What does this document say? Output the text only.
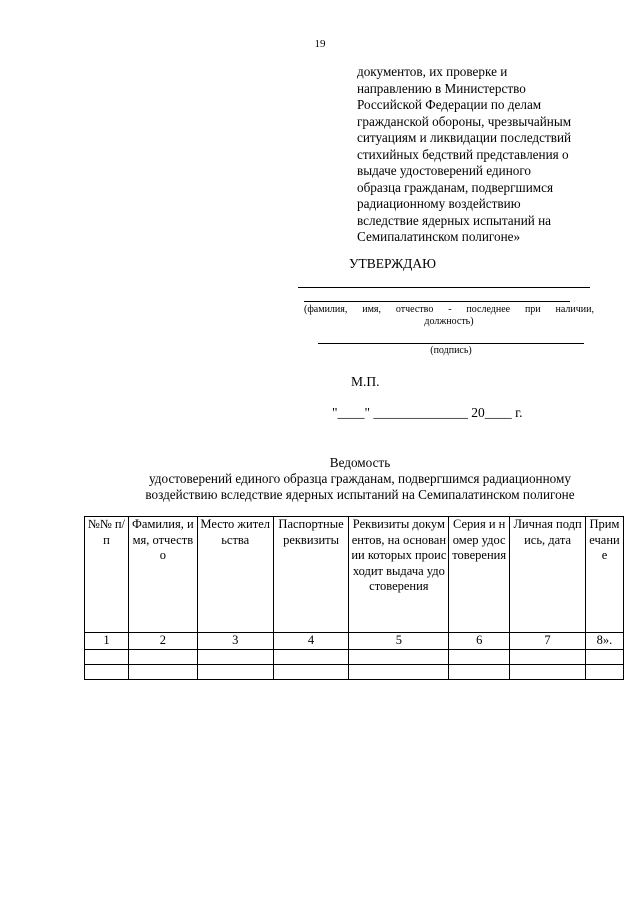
19
документов, их проверке и
направлению в Министерство
Российской Федерации по делам
гражданской обороны, чрезвычайным
ситуациям и ликвидации последствий
стихийных бедствий представления о
выдаче удостоверений единого
образца гражданам, подвергшимся
радиационному воздействию
вследствие ядерных испытаний на
Семипалатинском полигоне»
УТВЕРЖДАЮ
(фамилия, имя, отчество - последнее при наличии,
должность)
(подпись)
М.П.
"____" ______________ 20____ г.
Ведомость
удостоверений единого образца гражданам, подвергшимся радиационному
воздействию вследствие ядерных испытаний на Семипалатинском полигоне
№№ п/п	Фамилия, имя, отчество	Место жительства	Паспортные реквизиты	Реквизиты документов, на основании которых происходит выдача удостоверения	Серия и номер удостоверения	Личная подпись, дата	Примечание
1	2	3	4	5	6	7	8».
